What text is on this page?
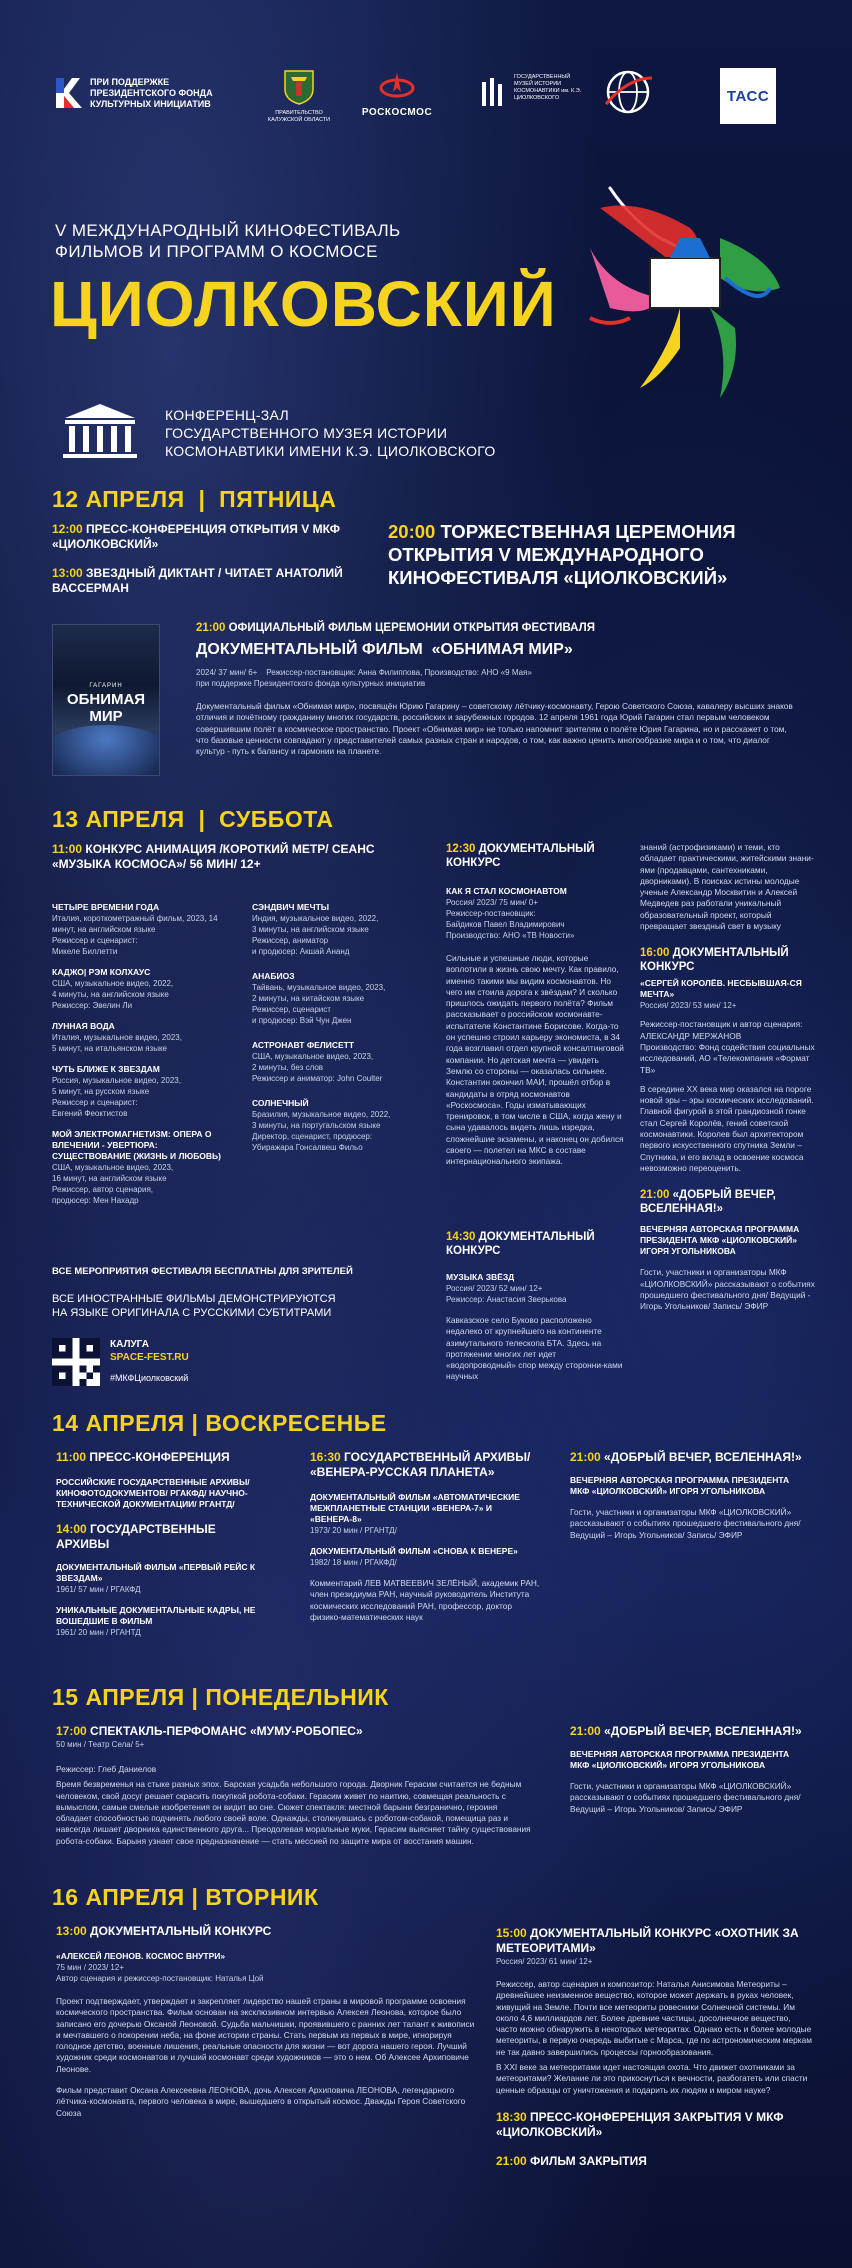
ПРИ ПОДДЕРЖКЕ ПРЕЗИДЕНТСКОГО ФОНДА КУЛЬТУРНЫХ ИНИЦИАТИВ
ПРАВИТЕЛЬСТВО КАЛУЖСКОЙ ОБЛАСТИ
РОСКОСМОС
ГОСУДАРСТВЕННЫЙ МУЗЕЙ ИСТОРИИ КОСМОНАВТИКИ им. К.Э. ЦИОЛКОВСКОГО	ТАСС
V МЕЖДУНАРОДНЫЙ КИНОФЕСТИВАЛЬ
ФИЛЬМОВ И ПРОГРАММ О КОСМОСЕ
ЦИОЛКОВСКИЙ
КОНФЕРЕНЦ-ЗАЛ
ГОСУДАРСТВЕННОГО МУЗЕЯ ИСТОРИИ
КОСМОНАВТИКИ ИМЕНИ К.Э. ЦИОЛКОВСКОГО
12 АПРЕЛЯ  |  ПЯТНИЦА
12:00 ПРЕСС-КОНФЕРЕНЦИЯ ОТКРЫТИЯ V МКФ «ЦИОЛКОВСКИЙ»
13:00 ЗВЕЗДНЫЙ ДИКТАНТ / ЧИТАЕТ АНАТОЛИЙ ВАССЕРМАН
20:00 ТОРЖЕСТВЕННАЯ ЦЕРЕМОНИЯ ОТКРЫТИЯ V МЕЖДУНАРОДНОГО КИНОФЕСТИВАЛЯ «ЦИОЛКОВСКИЙ»
ГАГАРИН
ОБНИМАЯ МИР
21:00 ОФИЦИАЛЬНЫЙ ФИЛЬМ ЦЕРЕМОНИИ ОТКРЫТИЯ ФЕСТИВАЛЯ
ДОКУМЕНТАЛЬНЫЙ ФИЛЬМ  «ОБНИМАЯ МИР»
2024/ 37 мин/ 6+    Режиссер-постановщик: Анна Филиппова, Производство: АНО «9 Мая»
при поддержке Президентского фонда культурных инициатив
Документальный фильм «Обнимая мир», посвящён Юрию Гагарину – советскому лётчику-космонавту, Герою Советского Союза, кавалеру высших знаков отличия и почётному гражданину многих государств, российских и зарубежных городов. 12 апреля 1961 года Юрий Гагарин стал первым человеком совершившим полёт в космическое пространство. Проект «Обнимая мир» не только напомнит зрителям о полёте Юрия Гагарина, но и расскажет о том, что базовые ценности совпадают у представителей самых разных стран и народов, о том, как важно ценить многообразие мира и о том, что диалог культур - путь к балансу и гармонии на планете.
13 АПРЕЛЯ  |  СУББОТА
11:00 КОНКУРС АНИМАЦИЯ /КОРОТКИЙ МЕТР/ СЕАНС «МУЗЫКА КОСМОСА»/ 56 МИН/ 12+
ЧЕТЫРЕ ВРЕМЕНИ ГОДА
Италия, короткометражный фильм, 2023, 14 минут, на английском языке
Режиссер и сценарист:
Микеле Биллетти
КАДЖО| РЭМ КОЛХАУС
США, музыкальное видео, 2022,
4 минуты, на английском языке
Режиссер: Эвелин Ли
ЛУННАЯ ВОДА
Италия, музыкальное видео, 2023,
5 минут, на итальянском языке
ЧУТЬ БЛИЖЕ К ЗВЕЗДАМ
Россия, музыкальное видео, 2023,
5 минут, на русском языке
Режиссер и сценарист:
Евгений Феоктистов
МОЙ ЭЛЕКТРОМАГНЕТИЗМ: ОПЕРА О ВЛЕЧЕНИИ - УВЕРТЮРА: СУЩЕСТВОВАНИЕ (ЖИЗНЬ И ЛЮБОВЬ)
США, музыкальное видео, 2023,
16 минут, на английском языке
Режиссер, автор сценария,
продюсер: Мен Нахадр
СЭНДВИЧ МЕЧТЫ
Индия, музыкальное видео, 2022,
3 минуты, на английском языке
Режиссер, аниматор
и продюсер: Акшай Ананд
АНАБИОЗ
Тайвань, музыкальное видео, 2023,
2 минуты, на китайском языке
Режиссер, сценарист
и продюсер: Вэй Чун Джен
АСТРОНАВТ ФЕЛИСЕТТ
США, музыкальное видео, 2023,
2 минуты, без слов
Режиссер и аниматор: John Coulter
СОЛНЕЧНЫЙ
Бразилия, музыкальное видео, 2022,
3 минуты, на португальском языке
Директор, сценарист, продюсер:
Убиражара Гонсалвеш Фильо
ВСЕ МЕРОПРИЯТИЯ ФЕСТИВАЛЯ БЕСПЛАТНЫ ДЛЯ ЗРИТЕЛЕЙ
ВСЕ ИНОСТРАННЫЕ ФИЛЬМЫ ДЕМОНСТРИРУЮТСЯ
НА ЯЗЫКЕ ОРИГИНАЛА С РУССКИМИ СУБТИТРАМИ
КАЛУГА
SPACE-FEST.RU
#МКФЦиолковский
12:30 ДОКУМЕНТАЛЬНЫЙ КОНКУРС
КАК Я СТАЛ КОСМОНАВТОМ
Россия/ 2023/ 75 мин/ 0+
Режиссер-постановщик:
Байдиков Павел Владимирович
Производство: АНО «ТВ Новости»
Сильные и успешные люди, которые воплотили в жизнь свою мечту. Как правило, именно такими мы видим космонавтов. Но чего им стоила дорога к звёздам? И сколько пришлось ожидать первого полёта? Фильм рассказывает о российском космонавте-испытателе Константине Борисове. Когда-то он успешно строил карьеру экономиста, в 34 года возглавил отдел крупной консалтинговой компании. Но детская мечта — увидеть Землю со стороны — оказалась сильнее. Константин окончил МАИ, прошёл отбор в кандидаты в отряд космонавтов «Роскосмоса». Годы изматывающих тренировок, в том числе в США, когда жену и сына удавалось видеть лишь изредка, сложнейшие экзамены, и наконец он добился своего — полетел на МКС в составе интернационального экипажа.
14:30 ДОКУМЕНТАЛЬНЫЙ КОНКУРС
МУЗЫКА ЗВЁЗД
Россия/ 2023/ 52 мин/ 12+
Режиссер: Анастасия Зверькова
Кавказское село Буково расположено недалеко от крупнейшего на континенте азимутального телескопа БТА. Здесь на протяжении многих лет идет «водопроводный» спор между сторонни-ками научных
знаний (астрофизиками) и теми, кто обладает практическими, житейскими знани-ями (продавцами, сантехниками, дворниками). В поисках истины молодые ученые Александр Москвитин и Алексей Медведев раз работали уникальный образовательный проект, который превращает звездный свет в музыку
16:00 ДОКУМЕНТАЛЬНЫЙ КОНКУРС
«СЕРГЕЙ КОРОЛЁВ. НЕСБЫВШАЯ-СЯ МЕЧТА»
Россия/ 2023/ 53 мин/ 12+
Режиссер-постановщик и автор сценария: АЛЕКСАНДР МЕРЖАНОВ
Производство: Фонд содействия социальных исследований, АО «Телекомпания «Формат ТВ»
В середине XX века мир оказался на пороге новой эры – эры космических исследований. Главной фигурой в этой грандиозной гонке стал Сергей Королёв, гений советской космонавтики. Королев был архитектором первого искусственного спутника Земли – Спутника, и его вклад в освоение космоса невозможно переоценить.
21:00 «ДОБРЫЙ ВЕЧЕР, ВСЕЛЕННАЯ!»
ВЕЧЕРНЯЯ АВТОРСКАЯ ПРОГРАММА ПРЕЗИДЕНТА МКФ «ЦИОЛКОВСКИЙ» ИГОРЯ УГОЛЬНИКОВА
Гости, участники и организаторы МКФ «ЦИОЛКОВСКИЙ» рассказывают о событиях прошедшего фестивального дня/ Ведущий - Игорь Угольников/ Запись/ ЭФИР
14 АПРЕЛЯ | ВОСКРЕСЕНЬЕ
11:00 ПРЕСС-КОНФЕРЕНЦИЯ
РОССИЙСКИЕ ГОСУДАРСТВЕННЫЕ АРХИВЫ/ КИНОФОТОДОКУМЕНТОВ/ РГАКФД/ НАУЧНО-ТЕХНИЧЕСКОЙ ДОКУМЕНТАЦИИ/ РГАНТД/
14:00 ГОСУДАРСТВЕННЫЕ АРХИВЫ
ДОКУМЕНТАЛЬНЫЙ ФИЛЬМ «ПЕРВЫЙ РЕЙС К ЗВЕЗДАМ»
1961/ 57 мин / РГАКФД
УНИКАЛЬНЫЕ ДОКУМЕНТАЛЬНЫЕ КАДРЫ, НЕ ВОШЕДШИЕ В ФИЛЬМ
1961/ 20 мин / РГАНТД
16:30 ГОСУДАРСТВЕННЫЙ АРХИВЫ/ «ВЕНЕРА-РУССКАЯ ПЛАНЕТА»
ДОКУМЕНТАЛЬНЫЙ ФИЛЬМ «АВТОМАТИЧЕСКИЕ МЕЖПЛАНЕТНЫЕ СТАНЦИИ «ВЕНЕРА-7» И «ВЕНЕРА-8»
1973/ 20 мин / РГАНТД/
ДОКУМЕНТАЛЬНЫЙ ФИЛЬМ «СНОВА К ВЕНЕРЕ»
1982/ 18 мин / РГАКФД/
Комментарий ЛЕВ МАТВЕЕВИЧ ЗЕЛЁНЫЙ, академик РАН, член президиума РАН, научный руководитель Института космических исследований РАН, профессор, доктор физико-математических наук
21:00 «ДОБРЫЙ ВЕЧЕР, ВСЕЛЕННАЯ!»
ВЕЧЕРНЯЯ АВТОРСКАЯ ПРОГРАММА ПРЕЗИДЕНТА МКФ «ЦИОЛКОВСКИЙ» ИГОРЯ УГОЛЬНИКОВА
Гости, участники и организаторы МКФ «ЦИОЛКОВСКИЙ» рассказывают о событиях прошедшего фестивального дня/ Ведущий – Игорь Угольников/ Запись/ ЭФИР
15 АПРЕЛЯ | ПОНЕДЕЛЬНИК
17:00 СПЕКТАКЛЬ-ПЕРФОМАНС «МУМУ-РОБОПЕС»
50 мин / Театр Села/ 5+
Режиссер: Глеб Даниелов
Время безвременья на стыке разных эпох. Барская усадьба небольшого города. Дворник Герасим считается не бедным человеком, свой досуг решает скрасить покупкой робота-собаки. Герасим живет по наитию, совмещая реальность с вымыслом, самые смелые изобретения он видит во сне. Сюжет спектакля: местной барыни безгранично, героиня обладает способностью подчинять любого своей воле. Однажды, столкнувшись с роботом-собакой, помещица раз и навсегда лишает дворника единственного друга... Преодолевая моральные муки, Герасим выясняет тайну существования робота-собаки. Барыня узнает свое предназначение — стать мессией по защите мира от восстания машин.
21:00 «ДОБРЫЙ ВЕЧЕР, ВСЕЛЕННАЯ!»
ВЕЧЕРНЯЯ АВТОРСКАЯ ПРОГРАММА ПРЕЗИДЕНТА МКФ «ЦИОЛКОВСКИЙ» ИГОРЯ УГОЛЬНИКОВА
Гости, участники и организаторы МКФ «ЦИОЛКОВСКИЙ» рассказывают о событиях прошедшего фестивального дня/ Ведущий – Игорь Угольников/ Запись/ ЭФИР
16 АПРЕЛЯ | ВТОРНИК
13:00 ДОКУМЕНТАЛЬНЫЙ КОНКУРС
«АЛЕКСЕЙ ЛЕОНОВ. КОСМОС ВНУТРИ»
75 мин / 2023/ 12+
Автор сценария и режиссер-постановщик: Наталья Цой
Проект подтверждает, утверждает и закрепляет лидерство нашей страны в мировой программе освоения космического пространства. Фильм основан на эксклюзивном интервью Алексея Леонова, которое было записано его дочерью Оксаной Леоновой. Судьба мальчишки, проявившего с ранних лет талант к живописи и мечтавшего о покорении неба, на фоне истории страны. Стать первым из первых в мире, игнорируя голодное детство, военные лишения, реальные опасности для жизни — вот дорога нашего героя. Лучший художник среди космонавтов и лучший космонавт среди художников — это о нем. Об Алексее Архиповиче Леонове.
Фильм представит Оксана Алексеевна ЛЕОНОВА, дочь Алексея Архиповича ЛЕОНОВА, легендарного лётчика-космонавта, первого человека в мире, вышедшего в открытый космос. Дважды Героя Советского Союза
15:00 ДОКУМЕНТАЛЬНЫЙ КОНКУРС «ОХОТНИК ЗА МЕТЕОРИТАМИ»
Россия/ 2023/ 61 мин/ 12+
Режиссер, автор сценария и композитор: Наталья Анисимова Метеориты – древнейшее неизменное вещество, которое может держать в руках человек, живущий на Земле. Почти все метеориты ровесники Солнечной системы. Им около 4,6 миллиардов лет. Более древние частицы, досолнечное вещество, часто можно обнаружить в некоторых метеоритах. Однако есть и более молодые метеориты, в первую очередь выбитые с Марса, где по астрономическим меркам не так давно завершились процессы горнообразования.
В XXI веке за метеоритами идет настоящая охота. Что движет охотниками за метеоритами? Желание ли это прикоснуться к вечности, разбогатеть или спасти ценные образцы от уничтожения и подарить их людям и миром науке?
18:30 ПРЕСС-КОНФЕРЕНЦИЯ ЗАКРЫТИЯ V МКФ «ЦИОЛКОВСКИЙ»
21:00 ФИЛЬМ ЗАКРЫТИЯ
